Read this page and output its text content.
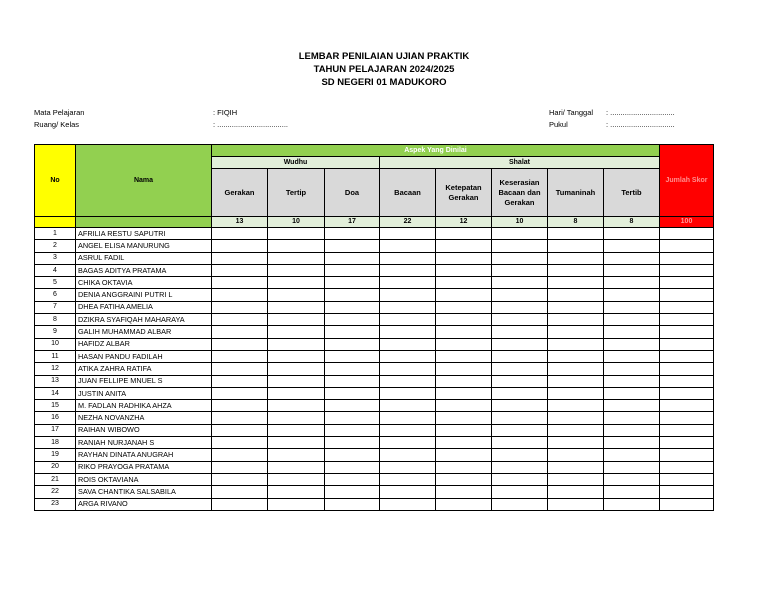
LEMBAR PENILAIAN UJIAN PRAKTIK
TAHUN PELAJARAN 2024/2025
SD NEGERI 01 MADUKORO
Mata Pelajaran	: FIQIH
Ruang/ Kelas	: ..................................
Hari/ Tanggal : ...............................
Pukul	: ...............................
No	Nama	Aspek Yang Dinilai								Jumlah Skor
		Wudhu			Shalat					
		Gerakan	Tertip	Doa	Bacaan	Ketepatan Gerakan	Keserasian Bacaan dan Gerakan	Tumaninah	Tertib	
		13	10	17	22	12	10	8	8	100
1	AFRILIA RESTU SAPUTRI									
2	ANGEL ELISA MANURUNG									
3	ASRUL FADIL									
4	BAGAS ADITYA PRATAMA									
5	CHIKA OKTAVIA									
6	DENIA ANGGRAINI PUTRI L									
7	DHEA FATIHA AMELIA									
8	DZIKRA SYAFIQAH MAHARAYA									
9	GALIH MUHAMMAD ALBAR									
10	HAFIDZ ALBAR									
11	HASAN PANDU FADILAH									
12	ATIKA ZAHRA RATIFA									
13	JUAN FELLIPE MNUEL S									
14	JUSTIN ANITA									
15	M. FADLAN RADHIKA AHZA									
16	NEZHA NOVANZHA									
17	RAIHAN WIBOWO									
18	RANIAH NURJANAH S									
19	RAYHAN DINATA ANUGRAH									
20	RIKO PRAYOGA PRATAMA									
21	ROIS OKTAVIANA									
22	SAVA CHANTIKA SALSABILA									
23	ARGA RIVANO									
